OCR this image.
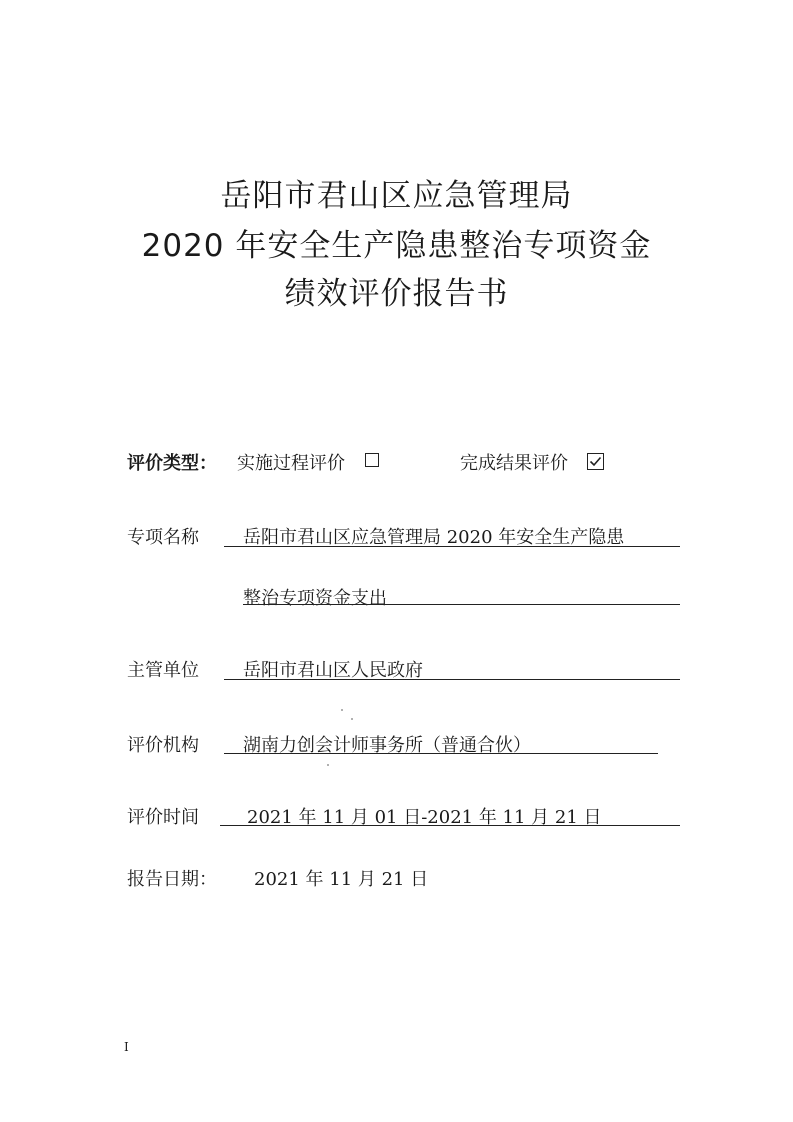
岳阳市君山区应急管理局
2020 年安全生产隐患整治专项资金
绩效评价报告书
评价类型： 实施过程评价	完成结果评价
专项名称 岳阳市君山区应急管理局 2020 年安全生产隐患
整治专项资金支出
主管单位 岳阳市君山区人民政府
评价机构 湖南力创会计师事务所（普通合伙）
评价时间	2021 年 11 月 01 日-2021 年 11 月 21 日
报告日期： 2021 年 11 月 21 日
I
